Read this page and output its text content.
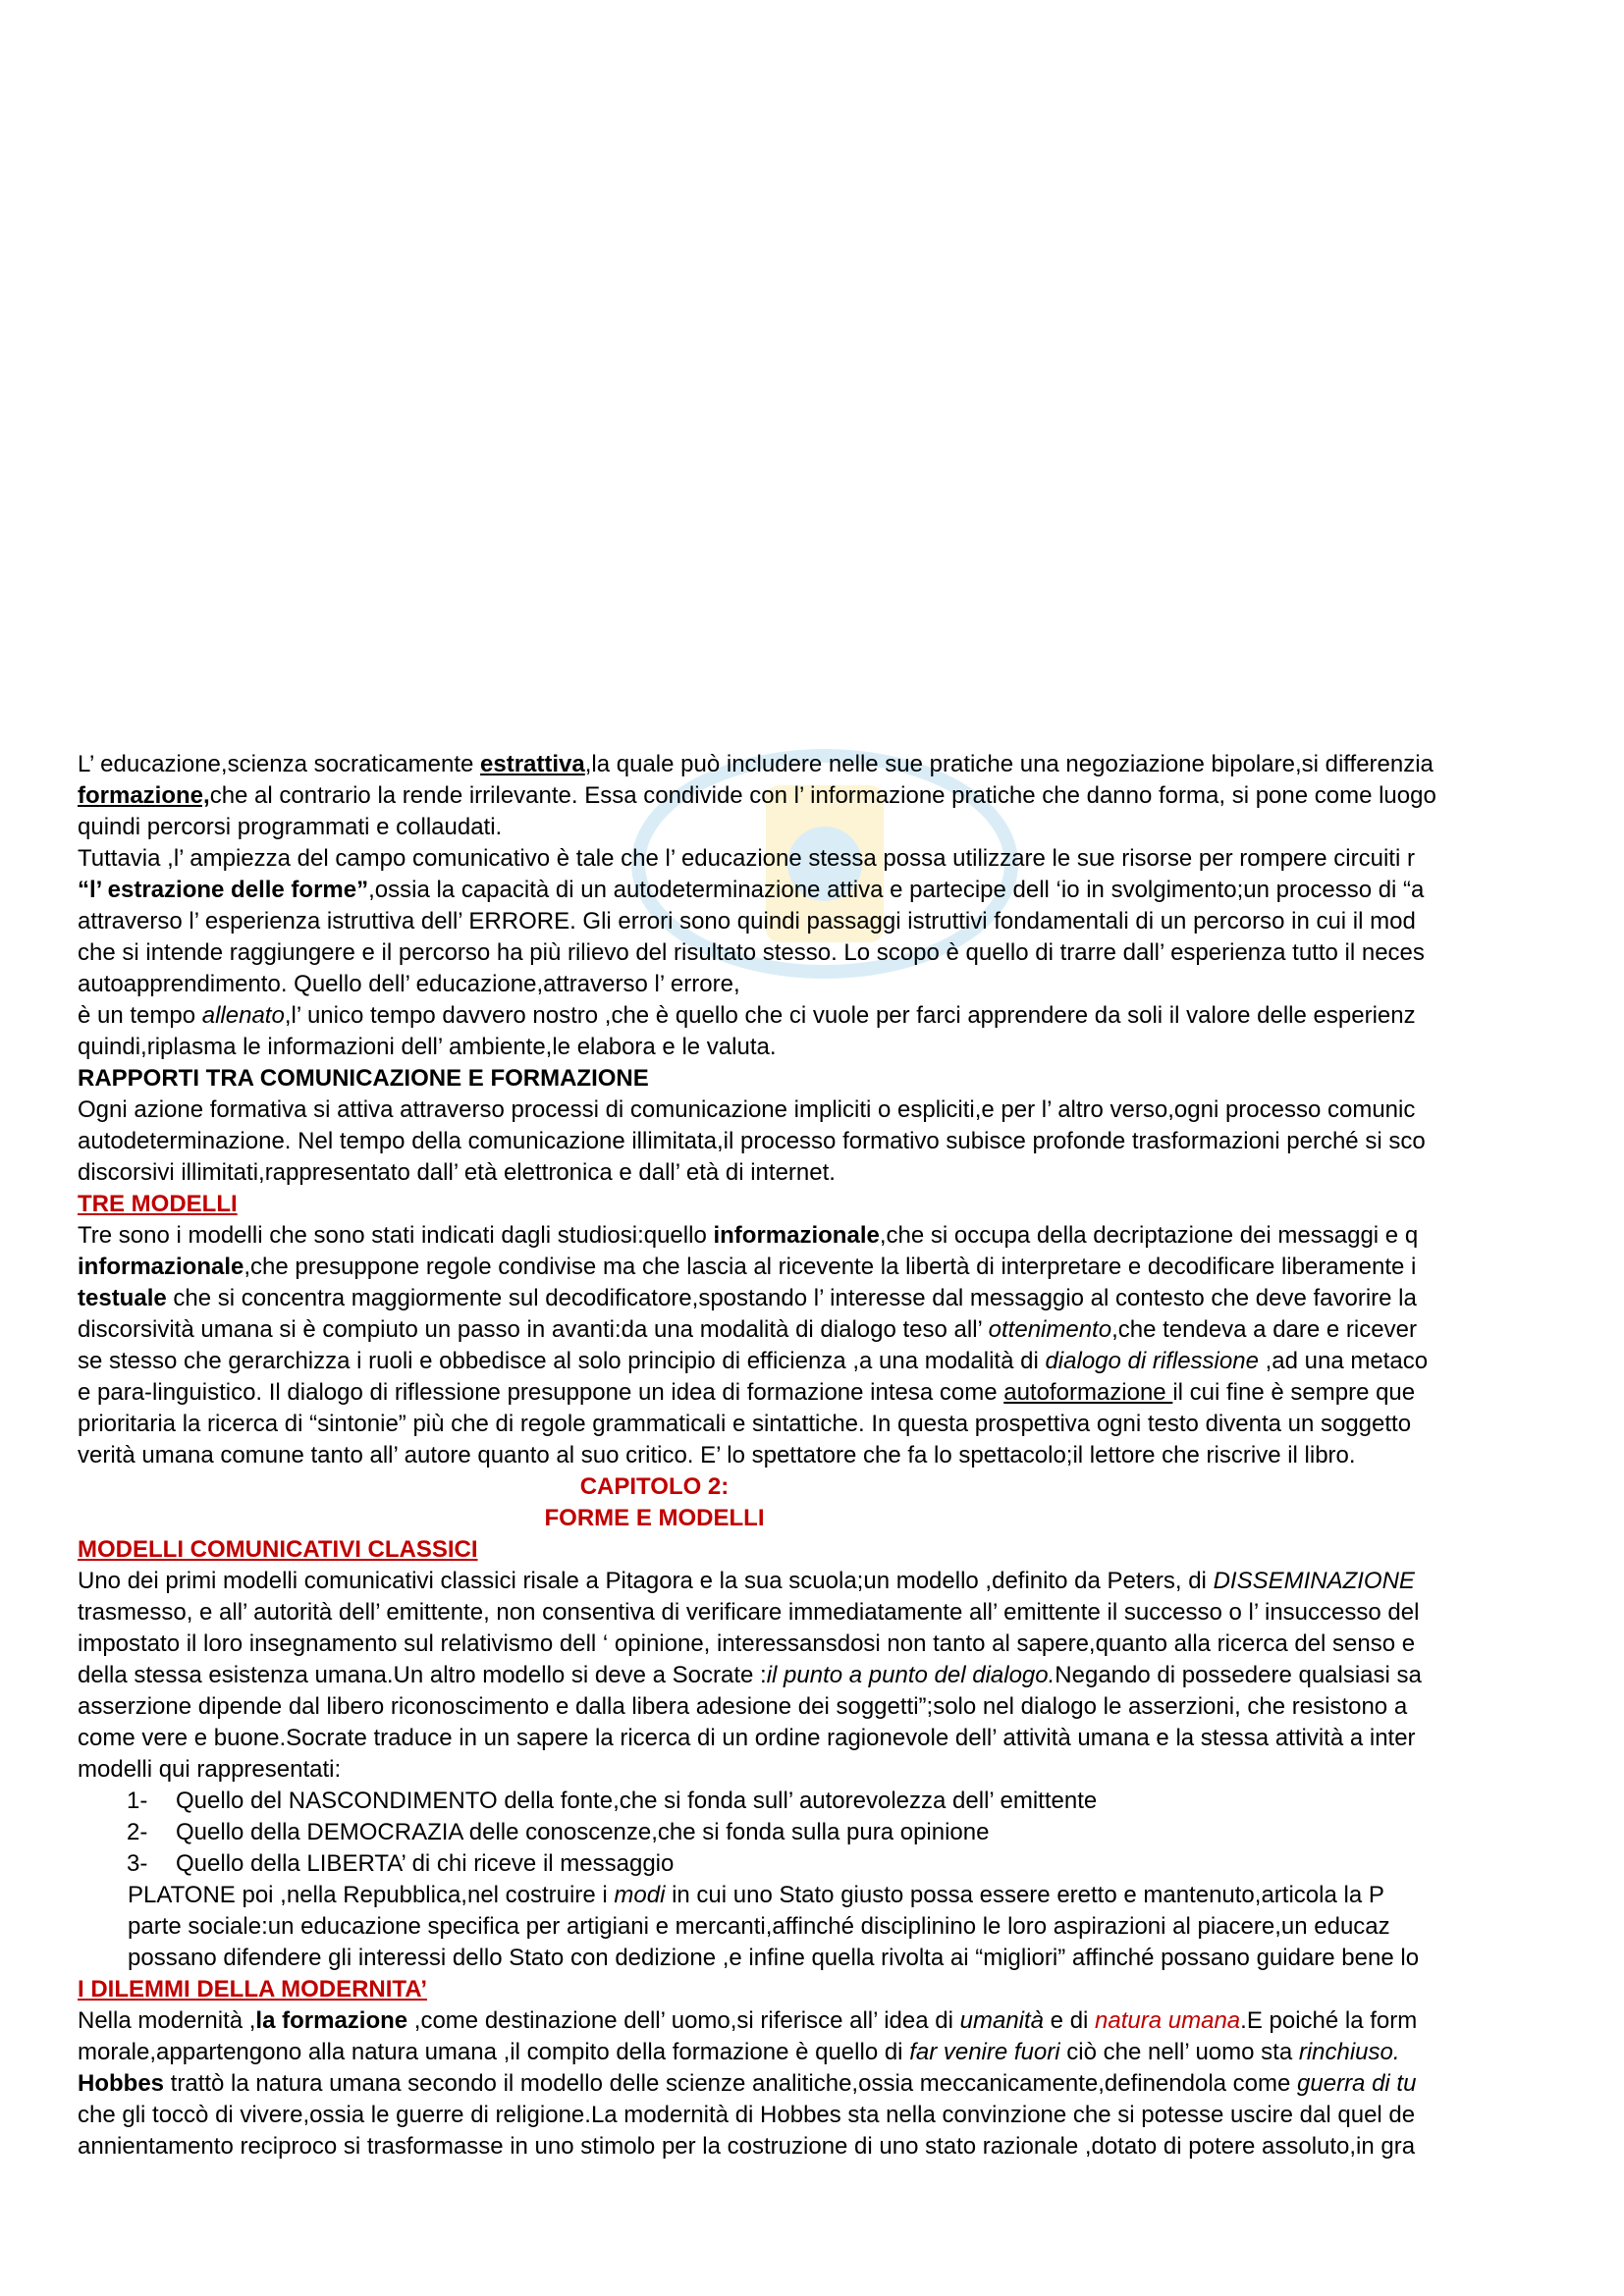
L’ educazione,scienza socraticamente estrattiva,la quale può includere nelle sue pratiche una negoziazione bipolare,si differenzia
formazione,che al contrario la rende irrilevante. Essa condivide con l’ informazione pratiche che danno forma, si pone come luogo
quindi percorsi programmati e collaudati.
Tuttavia ,l’ ampiezza del campo comunicativo è tale che l’ educazione stessa possa utilizzare le sue risorse per rompere circuiti r
“l’ estrazione delle forme”,ossia la capacità di un autodeterminazione attiva e partecipe dell ‘io in svolgimento;un processo di “a
attraverso l’ esperienza istruttiva dell’ ERRORE. Gli errori sono quindi passaggi istruttivi fondamentali di un percorso in cui il mod
che si intende raggiungere e il percorso ha più rilievo del risultato stesso. Lo scopo è quello di trarre dall’ esperienza tutto il neces
autoapprendimento. Quello dell’ educazione,attraverso l’ errore,
è un tempo allenato,l’ unico tempo davvero nostro ,che è quello che ci vuole per farci apprendere da soli il valore delle esperienz
quindi,riplasma le informazioni dell’ ambiente,le elabora e le valuta.
RAPPORTI TRA COMUNICAZIONE E FORMAZIONE
Ogni azione formativa si attiva attraverso processi di comunicazione impliciti o espliciti,e per l’ altro verso,ogni processo comunic
autodeterminazione. Nel tempo della comunicazione illimitata,il processo formativo subisce profonde trasformazioni perché si sco
discorsivi illimitati,rappresentato dall’ età elettronica e dall’ età di internet.
TRE MODELLI
Tre sono i modelli che sono stati indicati dagli studiosi:quello informazionale,che si occupa della decriptazione dei messaggi e q
informazionale,che presuppone regole condivise ma che lascia al ricevente la libertà di interpretare e decodificare liberamente i
testuale che si concentra maggiormente sul decodificatore,spostando l’ interesse dal messaggio al contesto che deve favorire la
discorsività umana si è compiuto un passo in avanti:da una modalità di dialogo teso all’ ottenimento,che tendeva a dare e ricever
se stesso che gerarchizza i ruoli e obbedisce al solo principio di efficienza ,a una modalità di dialogo di riflessione ,ad una metaco
e para-linguistico. Il dialogo di riflessione presuppone un idea di formazione intesa come autoformazione il cui fine è sempre que
prioritaria la ricerca di “sintonie” più che di regole grammaticali e sintattiche. In questa prospettiva ogni testo diventa un soggetto
verità umana comune tanto all’ autore quanto al suo critico. E’ lo spettatore che fa lo spettacolo;il lettore che riscrive il libro.
CAPITOLO 2:
FORME E MODELLI
MODELLI COMUNICATIVI CLASSICI
Uno dei primi modelli comunicativi classici risale a Pitagora e la sua scuola;un modello ,definito da Peters, di DISSEMINAZIONE
trasmesso, e all’ autorità dell’ emittente, non consentiva di verificare immediatamente all’ emittente il successo o l’ insuccesso del
impostato il loro insegnamento sul relativismo dell ‘ opinione, interessansdosi non tanto al sapere,quanto alla ricerca del senso e
della stessa esistenza umana.Un altro modello si deve a Socrate :il punto a punto del dialogo.Negando di possedere qualsiasi sa
asserzione dipende dal libero riconoscimento e dalla libera adesione dei soggetti”;solo nel dialogo le asserzioni, che resistono a
come vere e buone.Socrate traduce in un sapere la ricerca di un ordine ragionevole dell’ attività umana e la stessa attività a inter
modelli qui rappresentati:
1- Quello del NASCONDIMENTO della fonte,che si fonda sull’ autorevolezza dell’ emittente
2- Quello della DEMOCRAZIA delle conoscenze,che si fonda sulla pura opinione
3- Quello della LIBERTA’ di chi riceve il messaggio
PLATONE poi ,nella Repubblica,nel costruire i modi in cui uno Stato giusto possa essere eretto e mantenuto,articola la P
parte sociale:un educazione specifica per artigiani e mercanti,affinché disciplinino le loro aspirazioni al piacere,un educaz
possano difendere gli interessi dello Stato con dedizione ,e infine quella rivolta ai “migliori” affinché possano guidare bene lo
I DILEMMI DELLA MODERNITA’
Nella modernità ,la formazione ,come destinazione dell’ uomo,si riferisce all’ idea di umanità e di natura umana.E poiché la form
morale,appartengono alla natura umana ,il compito della formazione è quello di far venire fuori ciò che nell’ uomo sta rinchiuso.
Hobbes trattò la natura umana secondo il modello delle scienze analitiche,ossia meccanicamente,definendola come guerra di tu
che gli toccò di vivere,ossia le guerre di religione.La modernità di Hobbes sta nella convinzione che si potesse uscire dal quel de
annientamento reciproco si trasformasse in uno stimolo per la costruzione di uno stato razionale ,dotato di potere assoluto,in gra
